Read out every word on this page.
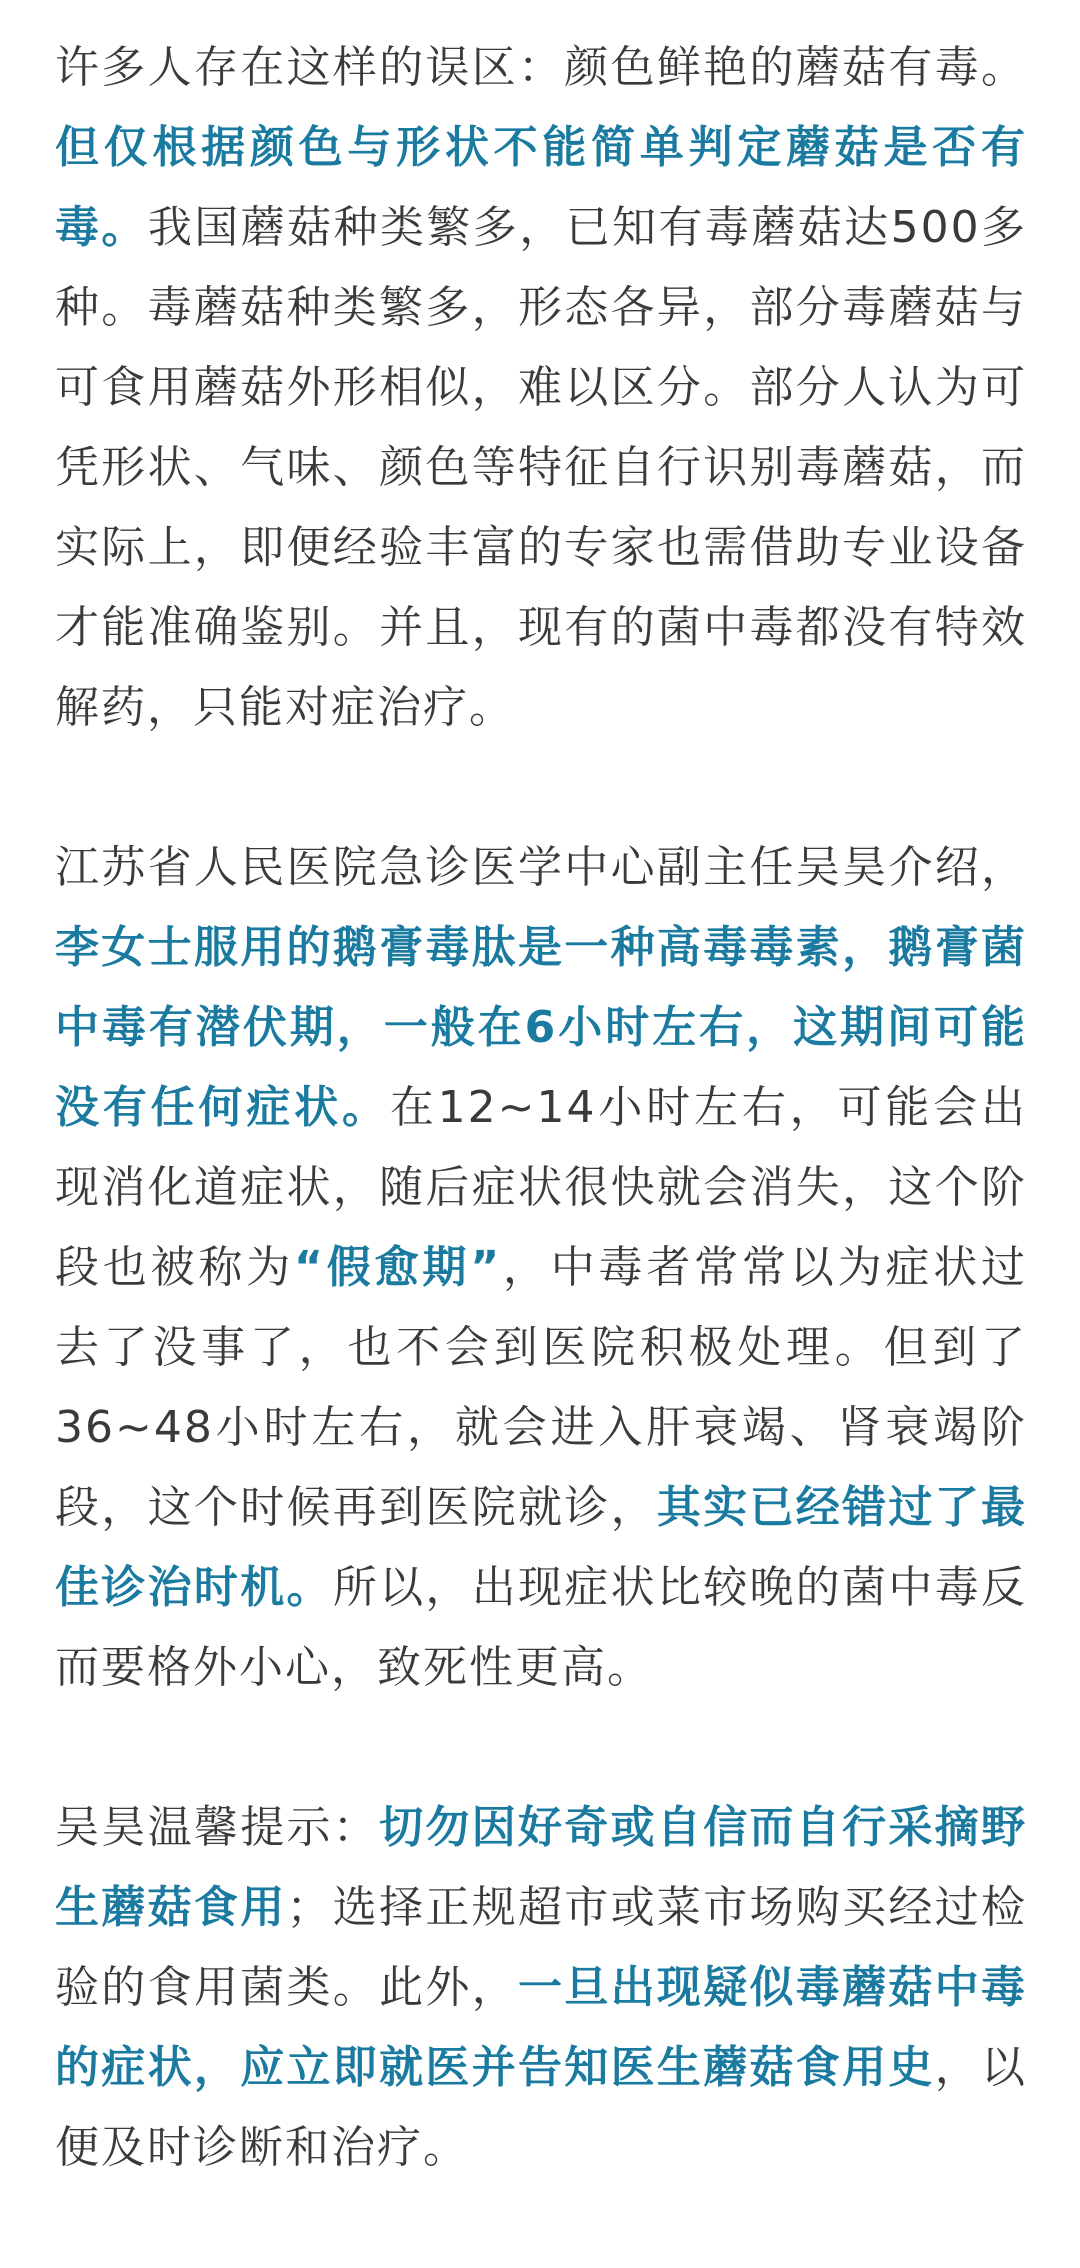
许多人存在这样的误区：颜色鲜艳的蘑菇有毒。但仅根据颜色与形状不能简单判定蘑菇是否有毒。我国蘑菇种类繁多，已知有毒蘑菇达500多种。毒蘑菇种类繁多，形态各异，部分毒蘑菇与可食用蘑菇外形相似，难以区分。部分人认为可凭形状、气味、颜色等特征自行识别毒蘑菇，而实际上，即便经验丰富的专家也需借助专业设备才能准确鉴别。并且，现有的菌中毒都没有特效解药，只能对症治疗。

江苏省人民医院急诊医学中心副主任吴昊介绍，李女士服用的鹅膏毒肽是一种高毒毒素，鹅膏菌中毒有潜伏期，一般在6小时左右，这期间可能没有任何症状。在12~14小时左右，可能会出现消化道症状，随后症状很快就会消失，这个阶段也被称为“假愈期”，中毒者常常以为症状过去了没事了，也不会到医院积极处理。但到了36~48小时左右，就会进入肝衰竭、肾衰竭阶段，这个时候再到医院就诊，其实已经错过了最佳诊治时机。所以，出现症状比较晚的菌中毒反而要格外小心，致死性更高。

吴昊温馨提示：切勿因好奇或自信而自行采摘野生蘑菇食用；选择正规超市或菜市场购买经过检验的食用菌类。此外，一旦出现疑似毒蘑菇中毒的症状，应立即就医并告知医生蘑菇食用史，以便及时诊断和治疗。
